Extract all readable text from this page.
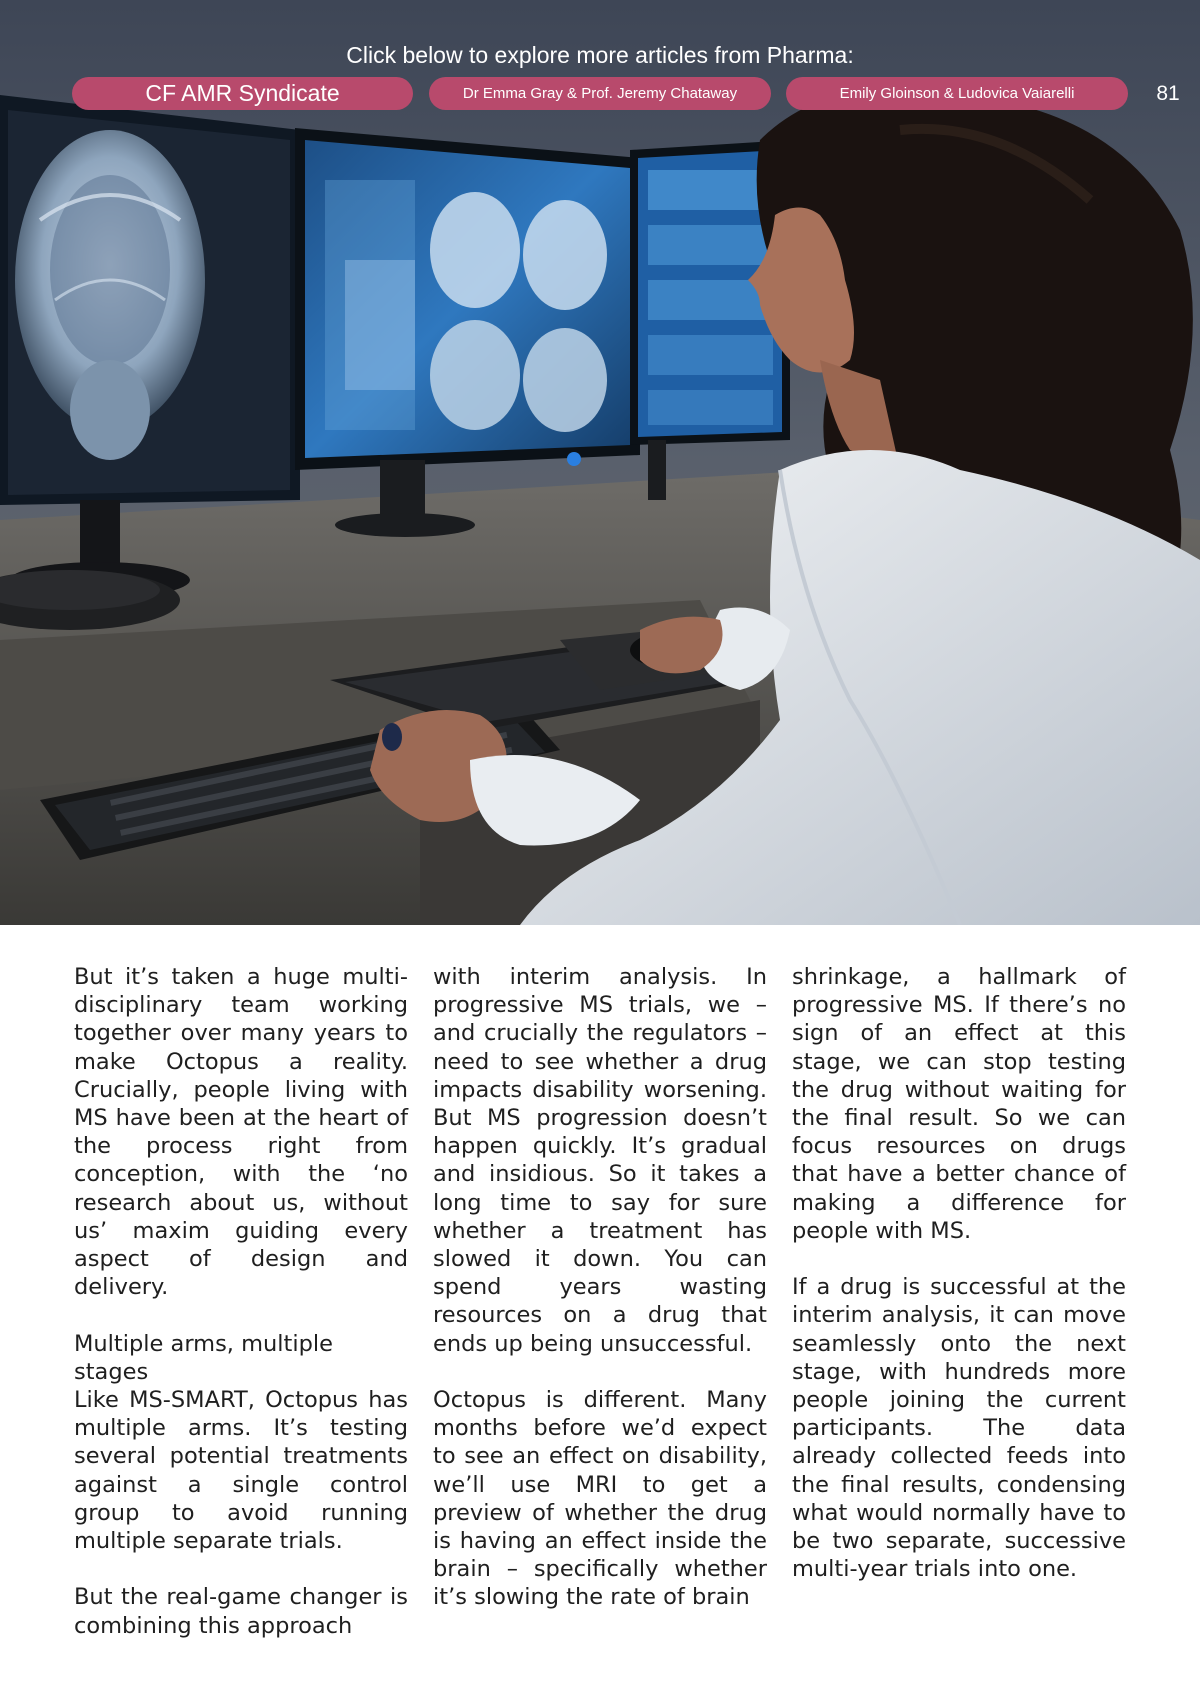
Click below to explore more articles from Pharma:
CF AMR Syndicate	Dr Emma Gray & Prof. Jeremy Chataway	Emily Gloinson & Ludovica Vaiarelli	81

But it’s taken a huge multi-disciplinary team working together over many years to make Octopus a reality. Crucially, people living with MS have been at the heart of the process right from conception, with the ‘no research about us, without us’ maxim guiding every aspect of design and delivery.

Multiple arms, multiple stages
Like MS-SMART, Octopus has multiple arms. It’s testing several potential treatments against a single control group to avoid running multiple separate trials.

But the real-game changer is combining this approach

with interim analysis. In progressive MS trials, we – and crucially the regulators – need to see whether a drug impacts disability worsening. But MS progression doesn’t happen quickly. It’s gradual and insidious. So it takes a long time to say for sure whether a treatment has slowed it down. You can spend years wasting resources on a drug that ends up being unsuccessful.

Octopus is different. Many months before we’d expect to see an effect on disability, we’ll use MRI to get a preview of whether the drug is having an effect inside the brain – specifically whether it’s slowing the rate of brain

shrinkage, a hallmark of progressive MS. If there’s no sign of an effect at this stage, we can stop testing the drug without waiting for the final result. So we can focus resources on drugs that have a better chance of making a difference for people with MS.

If a drug is successful at the interim analysis, it can move seamlessly onto the next stage, with hundreds more people joining the current participants. The data already collected feeds into the final results, condensing what would normally have to be two separate, successive multi-year trials into one.
